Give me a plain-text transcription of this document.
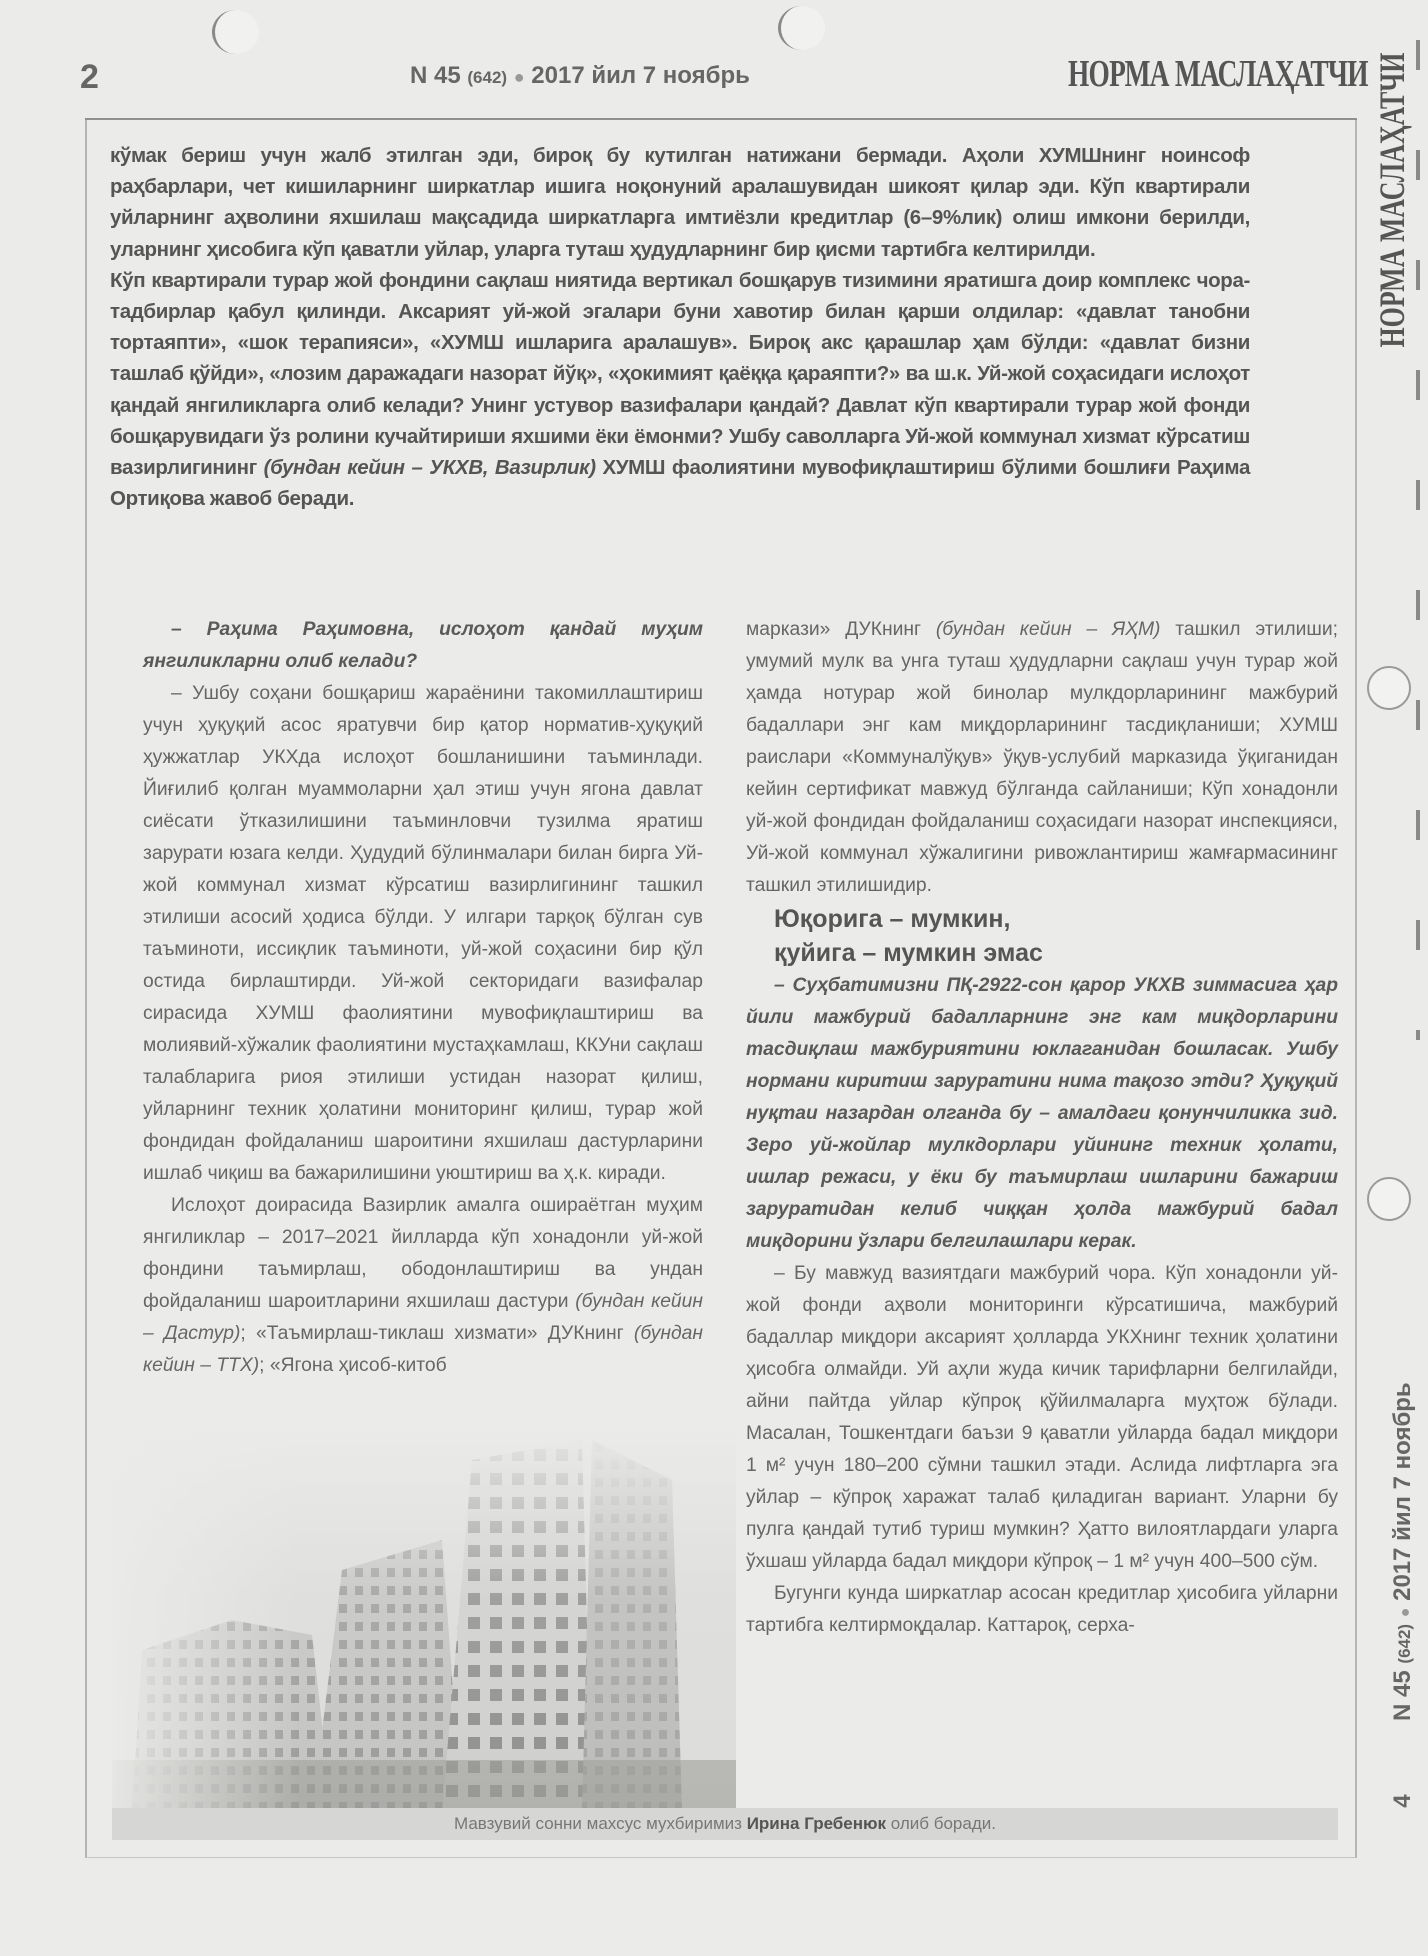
2	N 45 (642) ● 2017 йил 7 ноябрь	НОРМА МАСЛАҲАТЧИ НОРМА МАСЛАҲАТЧИ
4           N 45 (642) ● 2017 йил 7 ноябрь

кўмак бериш учун жалб этилган эди, бироқ бу кутилган натижани бермади. Аҳоли ХУМШнинг ноинсоф раҳбарлари, чет кишиларнинг ширкатлар ишига ноқонуний аралашувидан шикоят қилар эди. Кўп квартирали уйларнинг аҳволини яхшилаш мақсадида ширкатларга имтиёзли кредитлар (6–9%лик) олиш имкони берилди, уларнинг ҳисобига кўп қаватли уйлар, уларга туташ ҳудудларнинг бир қисми тартибга келтирилди.

Кўп квартирали турар жой фондини сақлаш ниятида вертикал бошқарув тизимини яратишга доир комплекс чора-тадбирлар қабул қилинди. Аксарият уй-жой эгалари буни хавотир билан қарши олдилар: «давлат танобни тортаяпти», «шок терапияси», «ХУМШ ишларига аралашув». Бироқ акс қарашлар ҳам бўлди: «давлат бизни ташлаб қўйди», «лозим даражадаги назорат йўқ», «ҳокимият қаёққа қараяпти?» ва ш.к. Уй-жой соҳасидаги ислоҳот қандай янгиликларга олиб келади? Унинг устувор вазифалари қандай? Давлат кўп квартирали турар жой фонди бошқарувидаги ўз ролини кучайтириши яхшими ёки ёмонми? Ушбу саволларга Уй-жой коммунал хизмат кўрсатиш вазирлигининг (бундан кейин – УКХВ, Вазирлик) ХУМШ фаолиятини мувофиқлаштириш бўлими бошлиғи Раҳима Ортиқова жавоб беради.

– Раҳима Раҳимовна, ислоҳот қандай муҳим янгиликларни олиб келади?

– Ушбу соҳани бошқариш жараёнини такомиллаштириш учун ҳуқуқий асос яратувчи бир қатор норматив-ҳуқуқий ҳужжатлар УКХда ислоҳот бошланишини таъминлади. Йиғилиб қолган муаммоларни ҳал этиш учун ягона давлат сиёсати ўтказилишини таъминловчи тузилма яратиш зарурати юзага келди. Ҳудудий бўлинмалари билан бирга Уй-жой коммунал хизмат кўрсатиш вазирлигининг ташкил этилиши асосий ҳодиса бўлди. У илгари тарқоқ бўлган сув таъминоти, иссиқлик таъминоти, уй-жой соҳасини бир қўл остида бирлаштирди. Уй-жой секторидаги вазифалар сирасида ХУМШ фаолиятини мувофиқлаштириш ва молиявий-хўжалик фаолиятини мустаҳкамлаш, ККУни сақлаш талабларига риоя этилиши устидан назорат қилиш, уйларнинг техник ҳолатини мониторинг қилиш, турар жой фондидан фойдаланиш шароитини яхшилаш дастурларини ишлаб чиқиш ва бажарилишини уюштириш ва ҳ.к. киради.

Ислоҳот доирасида Вазирлик амалга ошираётган муҳим янгиликлар – 2017–2021 йилларда кўп хонадонли уй-жой фондини таъмирлаш, ободонлаштириш ва ундан фойдаланиш шароитларини яхшилаш дастури (бундан кейин – Дастур); «Таъмирлаш-тиклаш хизмати» ДУКнинг (бундан кейин – ТТХ); «Ягона ҳисоб-китоб

маркази» ДУКнинг (бундан кейин – ЯҲМ) ташкил этилиши; умумий мулк ва унга туташ ҳудудларни сақлаш учун турар жой ҳамда нотурар жой бинолар мулкдорларининг мажбурий бадаллари энг кам миқдорларининг тасдиқланиши; ХУМШ раислари «Коммуналўқув» ўқув-услубий марказида ўқиганидан кейин сертификат мавжуд бўлганда сайланиши; Кўп хонадонли уй-жой фондидан фойдаланиш соҳасидаги назорат инспекцияси, Уй-жой коммунал хўжалигини ривожлантириш жамғармасининг ташкил этилишидир.

Юқорига – мумкин,

қуйига – мумкин эмас

– Суҳбатимизни ПҚ-2922-сон қарор УКХВ зиммасига ҳар йили мажбурий бадалларнинг энг кам миқдорларини тасдиқлаш мажбуриятини юклаганидан бошласак. Ушбу нормани киритиш заруратини нима тақозо этди? Ҳуқуқий нуқтаи назардан олганда бу – амалдаги қонунчиликка зид. Зеро уй-жойлар мулкдорлари уйининг техник ҳолати, ишлар режаси, у ёки бу таъмирлаш ишларини бажариш заруратидан келиб чиққан ҳолда мажбурий бадал миқдорини ўзлари белгилашлари керак.

– Бу мавжуд вазиятдаги мажбурий чора. Кўп хонадонли уй-жой фонди аҳволи мониторинги кўрсатишича, мажбурий бадаллар миқдори аксарият ҳолларда УКХнинг техник ҳолатини ҳисобга олмайди. Уй аҳли жуда кичик тарифларни белгилайди, айни пайтда уйлар кўпроқ қўйилмаларга муҳтож бўлади. Масалан, Тошкентдаги баъзи 9 қаватли уйларда бадал миқдори 1 м² учун 180–200 сўмни ташкил этади. Аслида лифтларга эга уйлар – кўпроқ харажат талаб қиладиган вариант. Уларни бу пулга қандай тутиб туриш мумкин? Ҳатто вилоятлардаги уларга ўхшаш уйларда бадал миқдори кўпроқ – 1 м² учун 400–500 сўм.

Бугунги кунда ширкатлар асосан кредитлар ҳисобига уйларни тартибга келтирмоқдалар. Каттароқ, серха-

Мавзувий сонни махсус мухбиримиз Ирина Гребенюк олиб боради.
